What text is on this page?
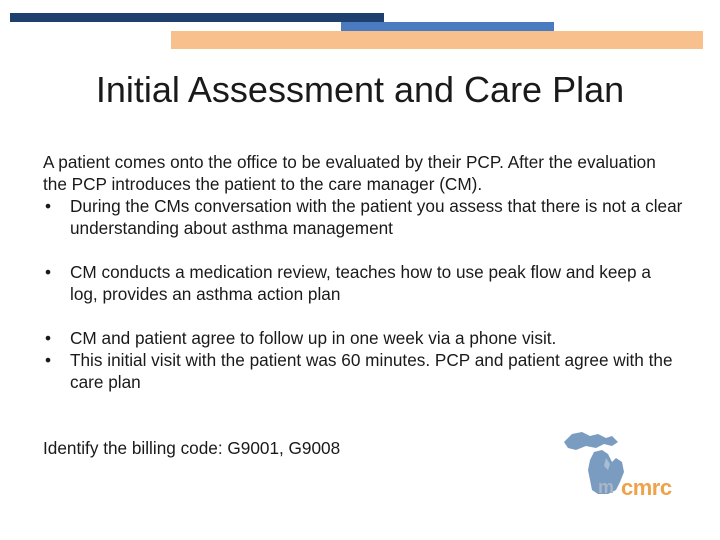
Initial Assessment and Care Plan

A patient comes onto the office to be evaluated by their PCP. After the evaluation the PCP introduces the patient to the care manager (CM).

• During the CMs conversation with the patient you assess that there is not a clear understanding about asthma management
• CM conducts a medication review, teaches how to use peak flow and keep a log, provides an asthma action plan
• CM and patient agree to follow up in one week via a phone visit.
• This initial visit with the patient was 60 minutes. PCP and patient agree with the care plan

Identify the billing code: G9001, G9008

m cmrc
